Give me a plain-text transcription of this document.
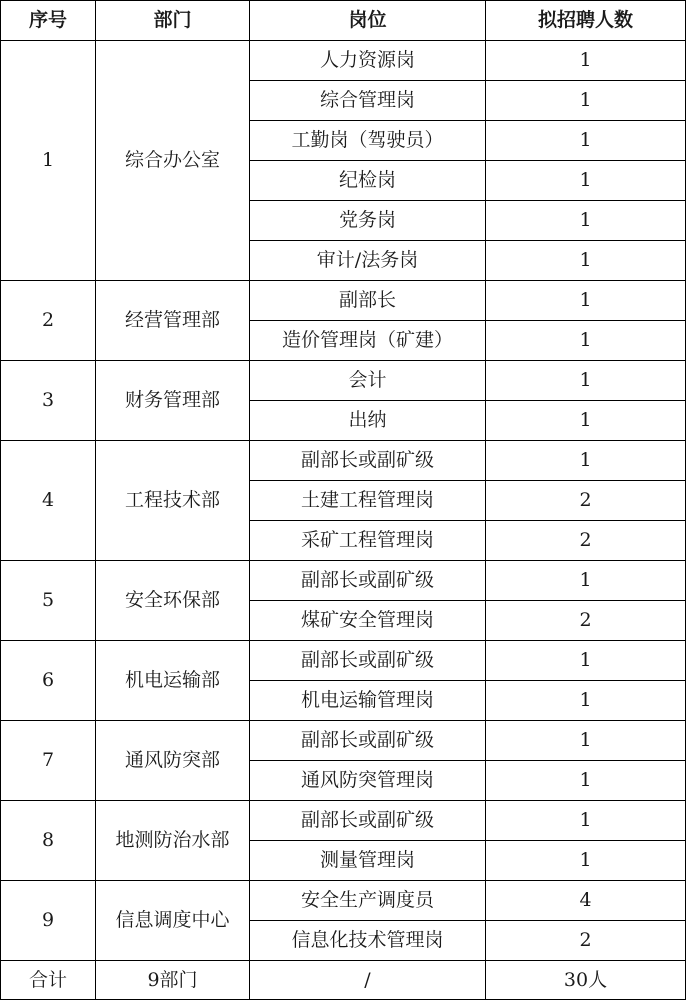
序号	部门	岗位	拟招聘人数
1	综合办公室	人力资源岗	1
		综合管理岗	1
		工勤岗（驾驶员）	1
		纪检岗	1
		党务岗	1
		审计/法务岗	1
2	经营管理部	副部长	1
		造价管理岗（矿建）	1
3	财务管理部	会计	1
		出纳	1
4	工程技术部	副部长或副矿级	1
		土建工程管理岗	2
		采矿工程管理岗	2
5	安全环保部	副部长或副矿级	1
		煤矿安全管理岗	2
6	机电运输部	副部长或副矿级	1
		机电运输管理岗	1
7	通风防突部	副部长或副矿级	1
		通风防突管理岗	1
8	地测防治水部	副部长或副矿级	1
		测量管理岗	1
9	信息调度中心	安全生产调度员	4
		信息化技术管理岗	2
合计	9部门	/	30人
